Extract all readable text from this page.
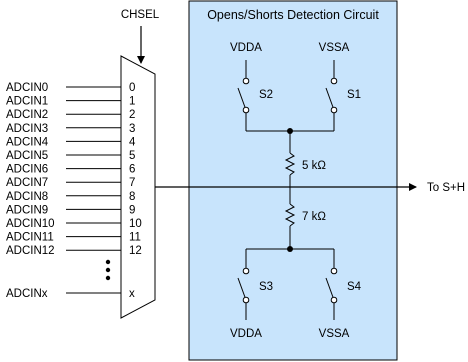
Opens/Shorts Detection Circuit
CHSEL
ADCIN0	0
ADCIN1	1
ADCIN2	2
ADCIN3	3
ADCIN4	4
ADCIN5	5
ADCIN6	6
ADCIN7	7
ADCIN8	8
ADCIN9	9
ADCIN10	10
ADCIN11	11
ADCIN12	12
ADCINx	x
To S+H
5 kΩ
VDDA
S2
VSSA
S1
7 kΩ
S3
VDDA
S4
VSSA
